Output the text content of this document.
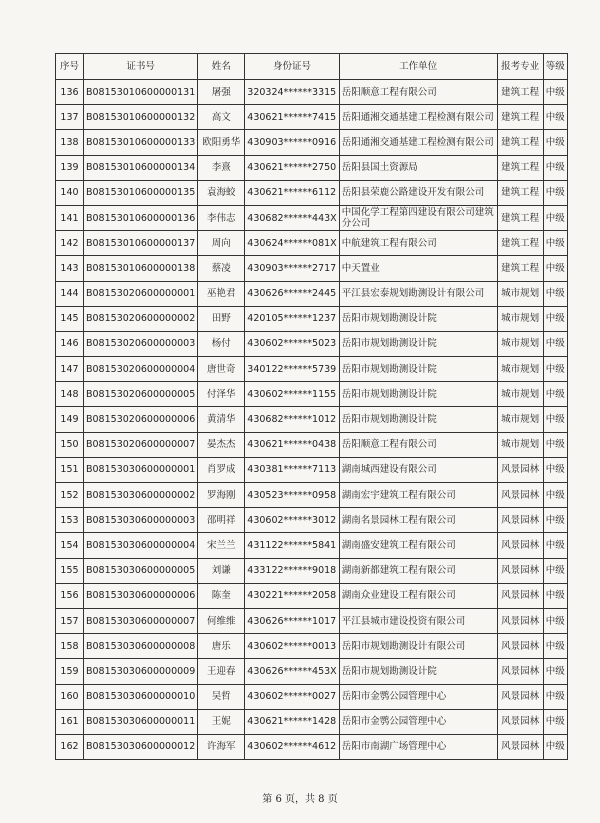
序号	证书号	姓名	身份证号	工作单位	报考专业	等级
136	B08153010600000131	屠强	320324******3315	岳阳顺意工程有限公司	建筑工程	中级
137	B08153010600000132	高文	430621******7415	岳阳通湘交通基建工程检测有限公司	建筑工程	中级
138	B08153010600000133	欧阳勇华	430903******0916	岳阳通湘交通基建工程检测有限公司	建筑工程	中级
139	B08153010600000134	李熹	430621******2750	岳阳县国土资源局	建筑工程	中级
140	B08153010600000135	袁海蛟	430621******6112	岳阳县荣鹿公路建设开发有限公司	建筑工程	中级
141	B08153010600000136	李伟志	430682******443X	中国化学工程第四建设有限公司建筑分公司	建筑工程	中级
142	B08153010600000137	周向	430624******081X	中航建筑工程有限公司	建筑工程	中级
143	B08153010600000138	蔡凌	430903******2717	中天置业	建筑工程	中级
144	B08153020600000001	巫艳君	430626******2445	平江县宏泰规划勘测设计有限公司	城市规划	中级
145	B08153020600000002	田野	420105******1237	岳阳市规划勘测设计院	城市规划	中级
146	B08153020600000003	杨付	430602******5023	岳阳市规划勘测设计院	城市规划	中级
147	B08153020600000004	唐世奇	340122******5739	岳阳市规划勘测设计院	城市规划	中级
148	B08153020600000005	付泽华	430602******1155	岳阳市规划勘测设计院	城市规划	中级
149	B08153020600000006	黄清华	430682******1012	岳阳市规划勘测设计院	城市规划	中级
150	B08153020600000007	晏杰杰	430621******0438	岳阳顺意工程有限公司	城市规划	中级
151	B08153030600000001	肖罗成	430381******7113	湖南城西建设有限公司	风景园林	中级
152	B08153030600000002	罗海刚	430523******0958	湖南宏宇建筑工程有限公司	风景园林	中级
153	B08153030600000003	邵明祥	430602******3012	湖南名景园林工程有限公司	风景园林	中级
154	B08153030600000004	宋兰兰	431122******5841	湖南盛安建筑工程有限公司	风景园林	中级
155	B08153030600000005	刘谦	433122******9018	湖南新都建筑工程有限公司	风景园林	中级
156	B08153030600000006	陈奎	430221******2058	湖南众业建设工程有限公司	风景园林	中级
157	B08153030600000007	何维维	430626******1017	平江县城市建设投资有限公司	风景园林	中级
158	B08153030600000008	唐乐	430602******0013	岳阳市规划勘测设计有限公司	风景园林	中级
159	B08153030600000009	王迎春	430626******453X	岳阳市规划勘测设计院	风景园林	中级
160	B08153030600000010	吴哲	430602******0027	岳阳市金鹗公园管理中心	风景园林	中级
161	B08153030600000011	王妮	430621******1428	岳阳市金鹗公园管理中心	风景园林	中级
162	B08153030600000012	许海军	430602******4612	岳阳市南湖广场管理中心	风景园林	中级
第 6 页，共 8 页
